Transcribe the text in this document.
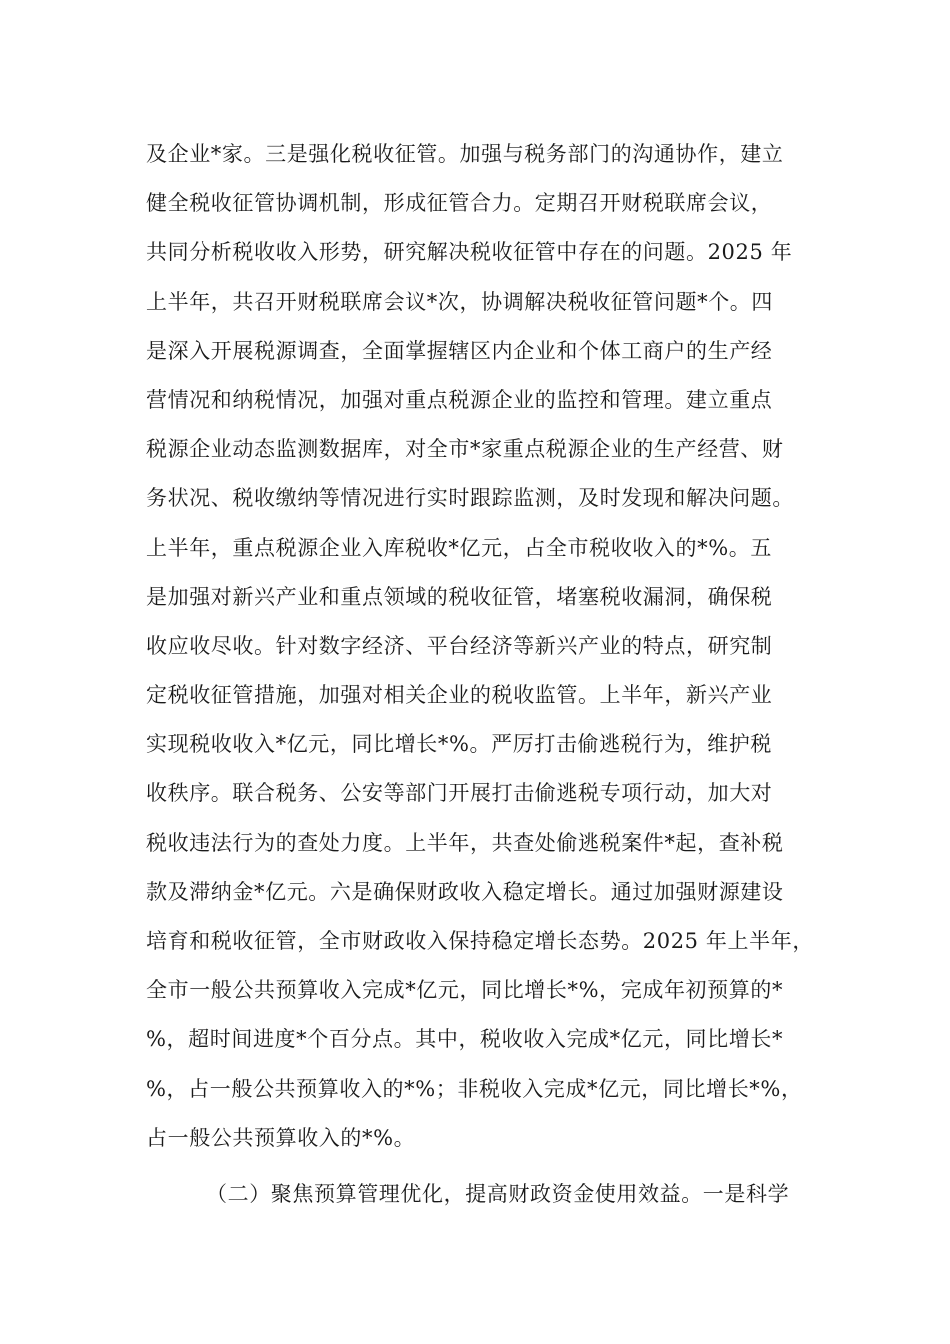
及企业*家。三是强化税收征管。加强与税务部门的沟通协作，建立
健全税收征管协调机制，形成征管合力。定期召开财税联席会议，
共同分析税收收入形势，研究解决税收征管中存在的问题。2025 年
上半年，共召开财税联席会议*次，协调解决税收征管问题*个。四
是深入开展税源调查，全面掌握辖区内企业和个体工商户的生产经
营情况和纳税情况，加强对重点税源企业的监控和管理。建立重点
税源企业动态监测数据库，对全市*家重点税源企业的生产经营、财
务状况、税收缴纳等情况进行实时跟踪监测，及时发现和解决问题。
上半年，重点税源企业入库税收*亿元，占全市税收收入的*%。五
是加强对新兴产业和重点领域的税收征管，堵塞税收漏洞，确保税
收应收尽收。针对数字经济、平台经济等新兴产业的特点，研究制
定税收征管措施，加强对相关企业的税收监管。上半年，新兴产业
实现税收收入*亿元，同比增长*%。严厉打击偷逃税行为，维护税
收秩序。联合税务、公安等部门开展打击偷逃税专项行动，加大对
税收违法行为的查处力度。上半年，共查处偷逃税案件*起，查补税
款及滞纳金*亿元。六是确保财政收入稳定增长。通过加强财源建设
培育和税收征管，全市财政收入保持稳定增长态势。2025 年上半年，
全市一般公共预算收入完成*亿元，同比增长*%，完成年初预算的*
%，超时间进度*个百分点。其中，税收收入完成*亿元，同比增长*
%，占一般公共预算收入的*%；非税收入完成*亿元，同比增长*%，
占一般公共预算收入的*%。
（二）聚焦预算管理优化，提高财政资金使用效益。一是科学
